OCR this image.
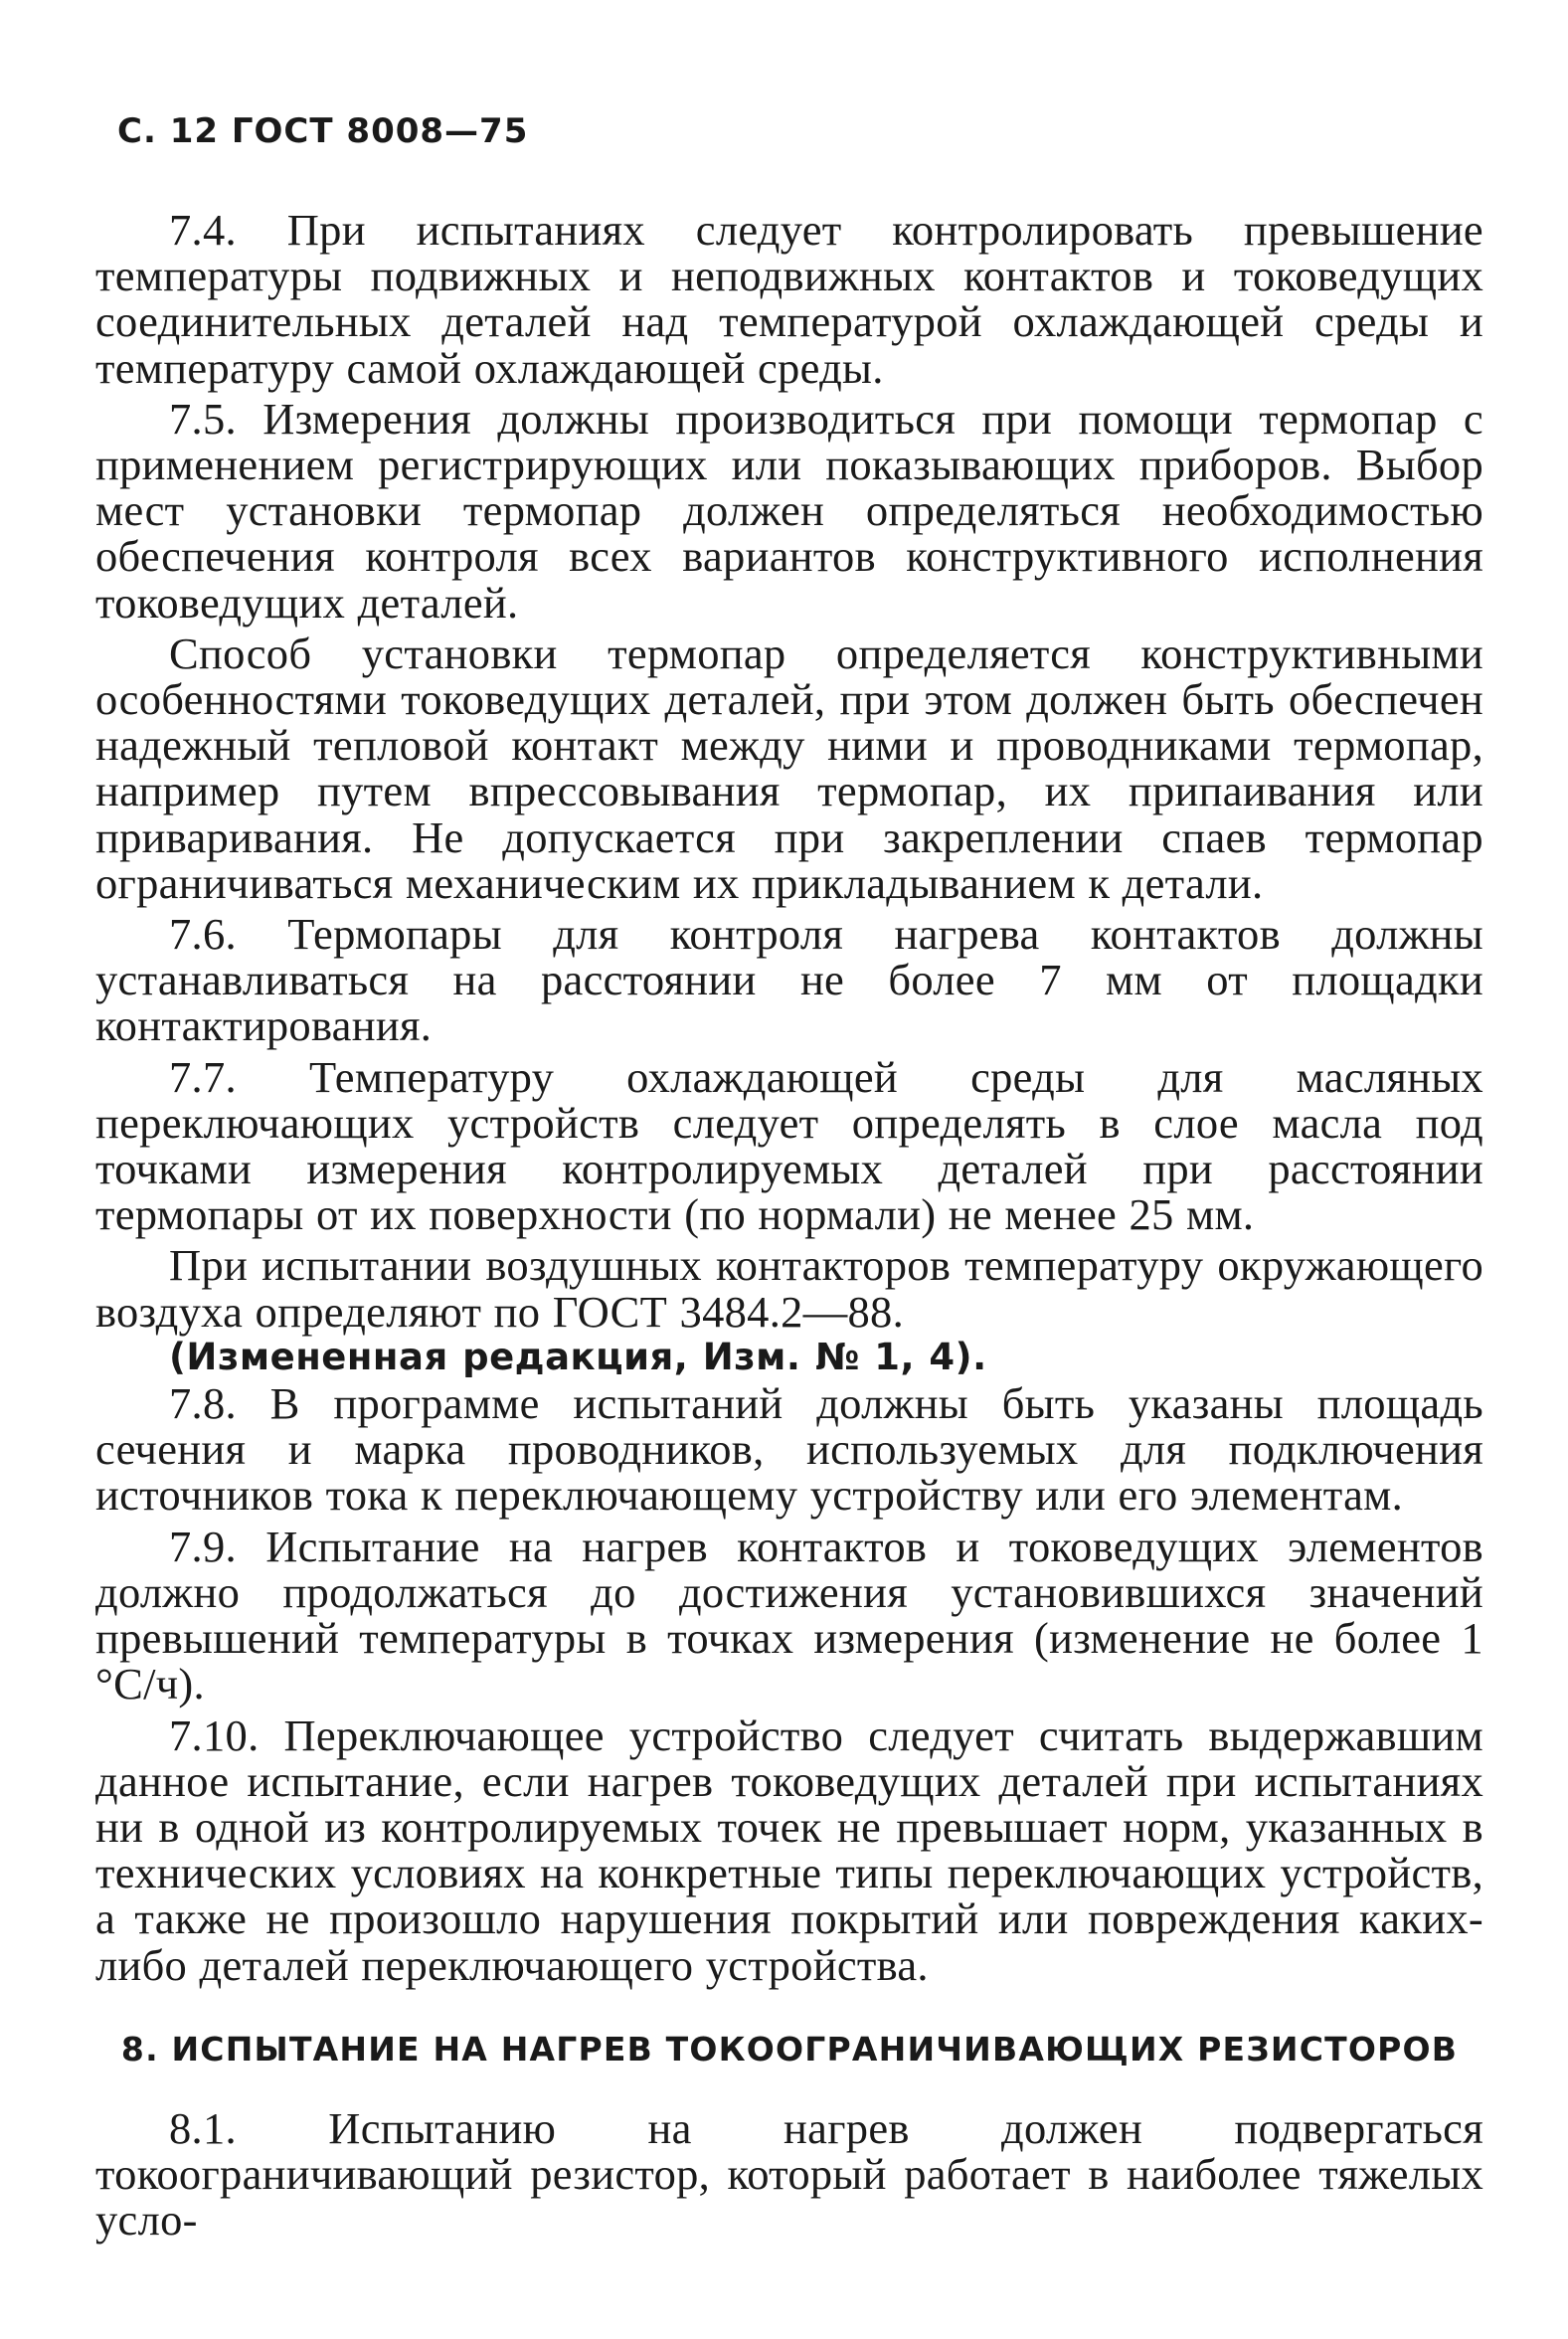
С. 12 ГОСТ 8008—75

7.4. При испытаниях следует контролировать превышение температуры подвижных и неподвижных контактов и токоведущих соединительных деталей над температурой охлаждающей среды и температуру самой охлаждающей среды.

7.5. Измерения должны производиться при помощи термопар с применением регистрирующих или показывающих приборов. Выбор мест установки термопар должен определяться необходимостью обеспечения контроля всех вариантов конструктивного исполнения токоведущих деталей.

Способ установки термопар определяется конструктивными особенностями токоведущих деталей, при этом должен быть обеспечен надежный тепловой контакт между ними и проводниками термопар, например путем впрессовывания термопар, их припаивания или приваривания. Не допускается при закреплении спаев термопар ограничиваться механическим их прикладыванием к детали.

7.6. Термопары для контроля нагрева контактов должны устанавливаться на расстоянии не более 7 мм от площадки контактирования.

7.7. Температуру охлаждающей среды для масляных переключающих устройств следует определять в слое масла под точками измерения контролируемых деталей при расстоянии термопары от их поверхности (по нормали) не менее 25 мм.

При испытании воздушных контакторов температуру окружающего воздуха определяют по ГОСТ 3484.2—88.

(Измененная редакция, Изм. № 1, 4).

7.8. В программе испытаний должны быть указаны площадь сечения и марка проводников, используемых для подключения источников тока к переключающему устройству или его элементам.

7.9. Испытание на нагрев контактов и токоведущих элементов должно продолжаться до достижения установившихся значений превышений температуры в точках измерения (изменение не более 1 °С/ч).

7.10. Переключающее устройство следует считать выдержавшим данное испытание, если нагрев токоведущих деталей при испытаниях ни в одной из контролируемых точек не превышает норм, указанных в технических условиях на конкретные типы переключающих устройств, а также не произошло нарушения покрытий или повреждения каких-либо деталей переключающего устройства.

8. ИСПЫТАНИЕ НА НАГРЕВ ТОКООГРАНИЧИВАЮЩИХ РЕЗИСТОРОВ

8.1. Испытанию на нагрев должен подвергаться токоограничивающий резистор, который работает в наиболее тяжелых усло-
